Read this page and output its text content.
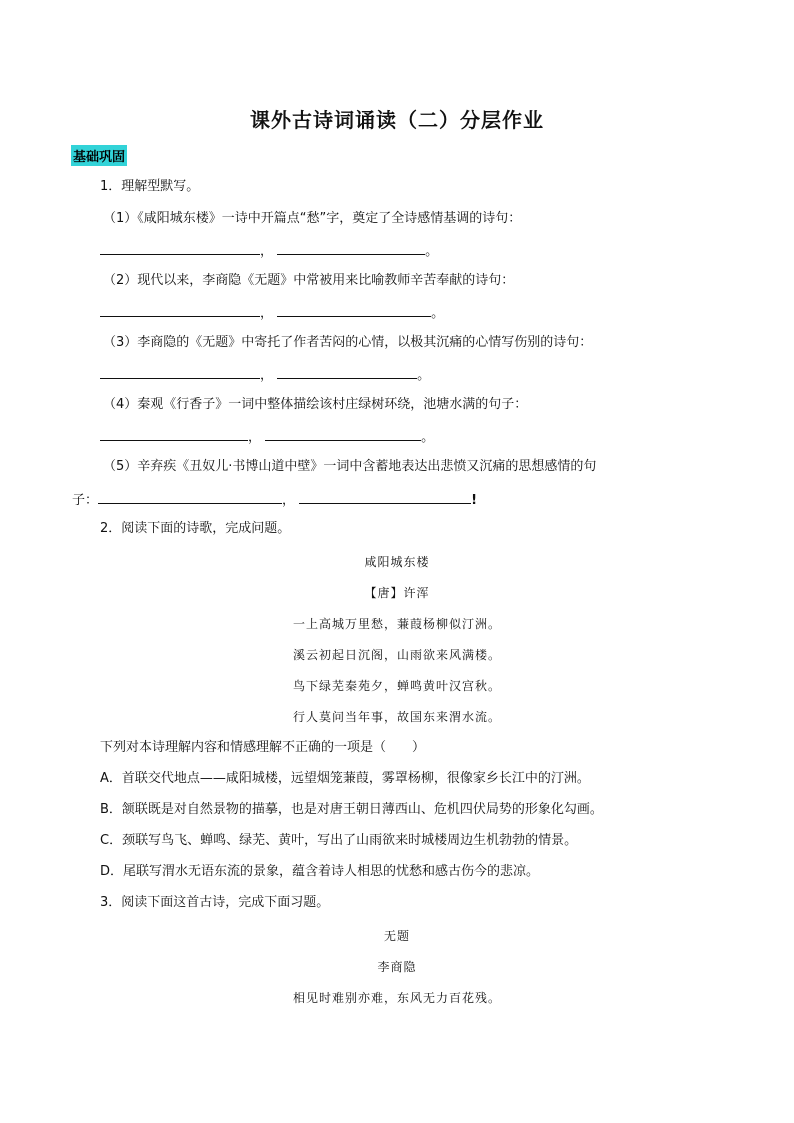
课外古诗词诵读（二）分层作业
基础巩固
1．理解型默写。
（1）《咸阳城东楼》一诗中开篇点“愁”字，奠定了全诗感情基调的诗句：
，	。
（2）现代以来，李商隐《无题》中常被用来比喻教师辛苦奉献的诗句：
，	。
（3）李商隐的《无题》中寄托了作者苦闷的心情，以极其沉痛的心情写伤别的诗句：
，	。
（4）秦观《行香子》一词中整体描绘该村庄绿树环绕，池塘水满的句子：
，	。
（5）辛弃疾《丑奴儿·书博山道中壁》一词中含蓄地表达出悲愤又沉痛的思想感情的句
子：	，	!
2．阅读下面的诗歌，完成问题。
咸阳城东楼
【唐】许浑
一上高城万里愁，蒹葭杨柳似汀洲。
溪云初起日沉阁，山雨欲来风满楼。
鸟下绿芜秦苑夕，蝉鸣黄叶汉宫秋。
行人莫问当年事，故国东来渭水流。
下列对本诗理解内容和情感理解不正确的一项是（　　）
A．首联交代地点——咸阳城楼，远望烟笼蒹葭，雾罩杨柳，很像家乡长江中的汀洲。
B．颔联既是对自然景物的描摹，也是对唐王朝日薄西山、危机四伏局势的形象化勾画。
C．颈联写鸟飞、蝉鸣、绿芜、黄叶，写出了山雨欲来时城楼周边生机勃勃的情景。
D．尾联写渭水无语东流的景象，蕴含着诗人相思的忧愁和感古伤今的悲凉。
3．阅读下面这首古诗，完成下面习题。
无题
李商隐
相见时难别亦难，东风无力百花残。
